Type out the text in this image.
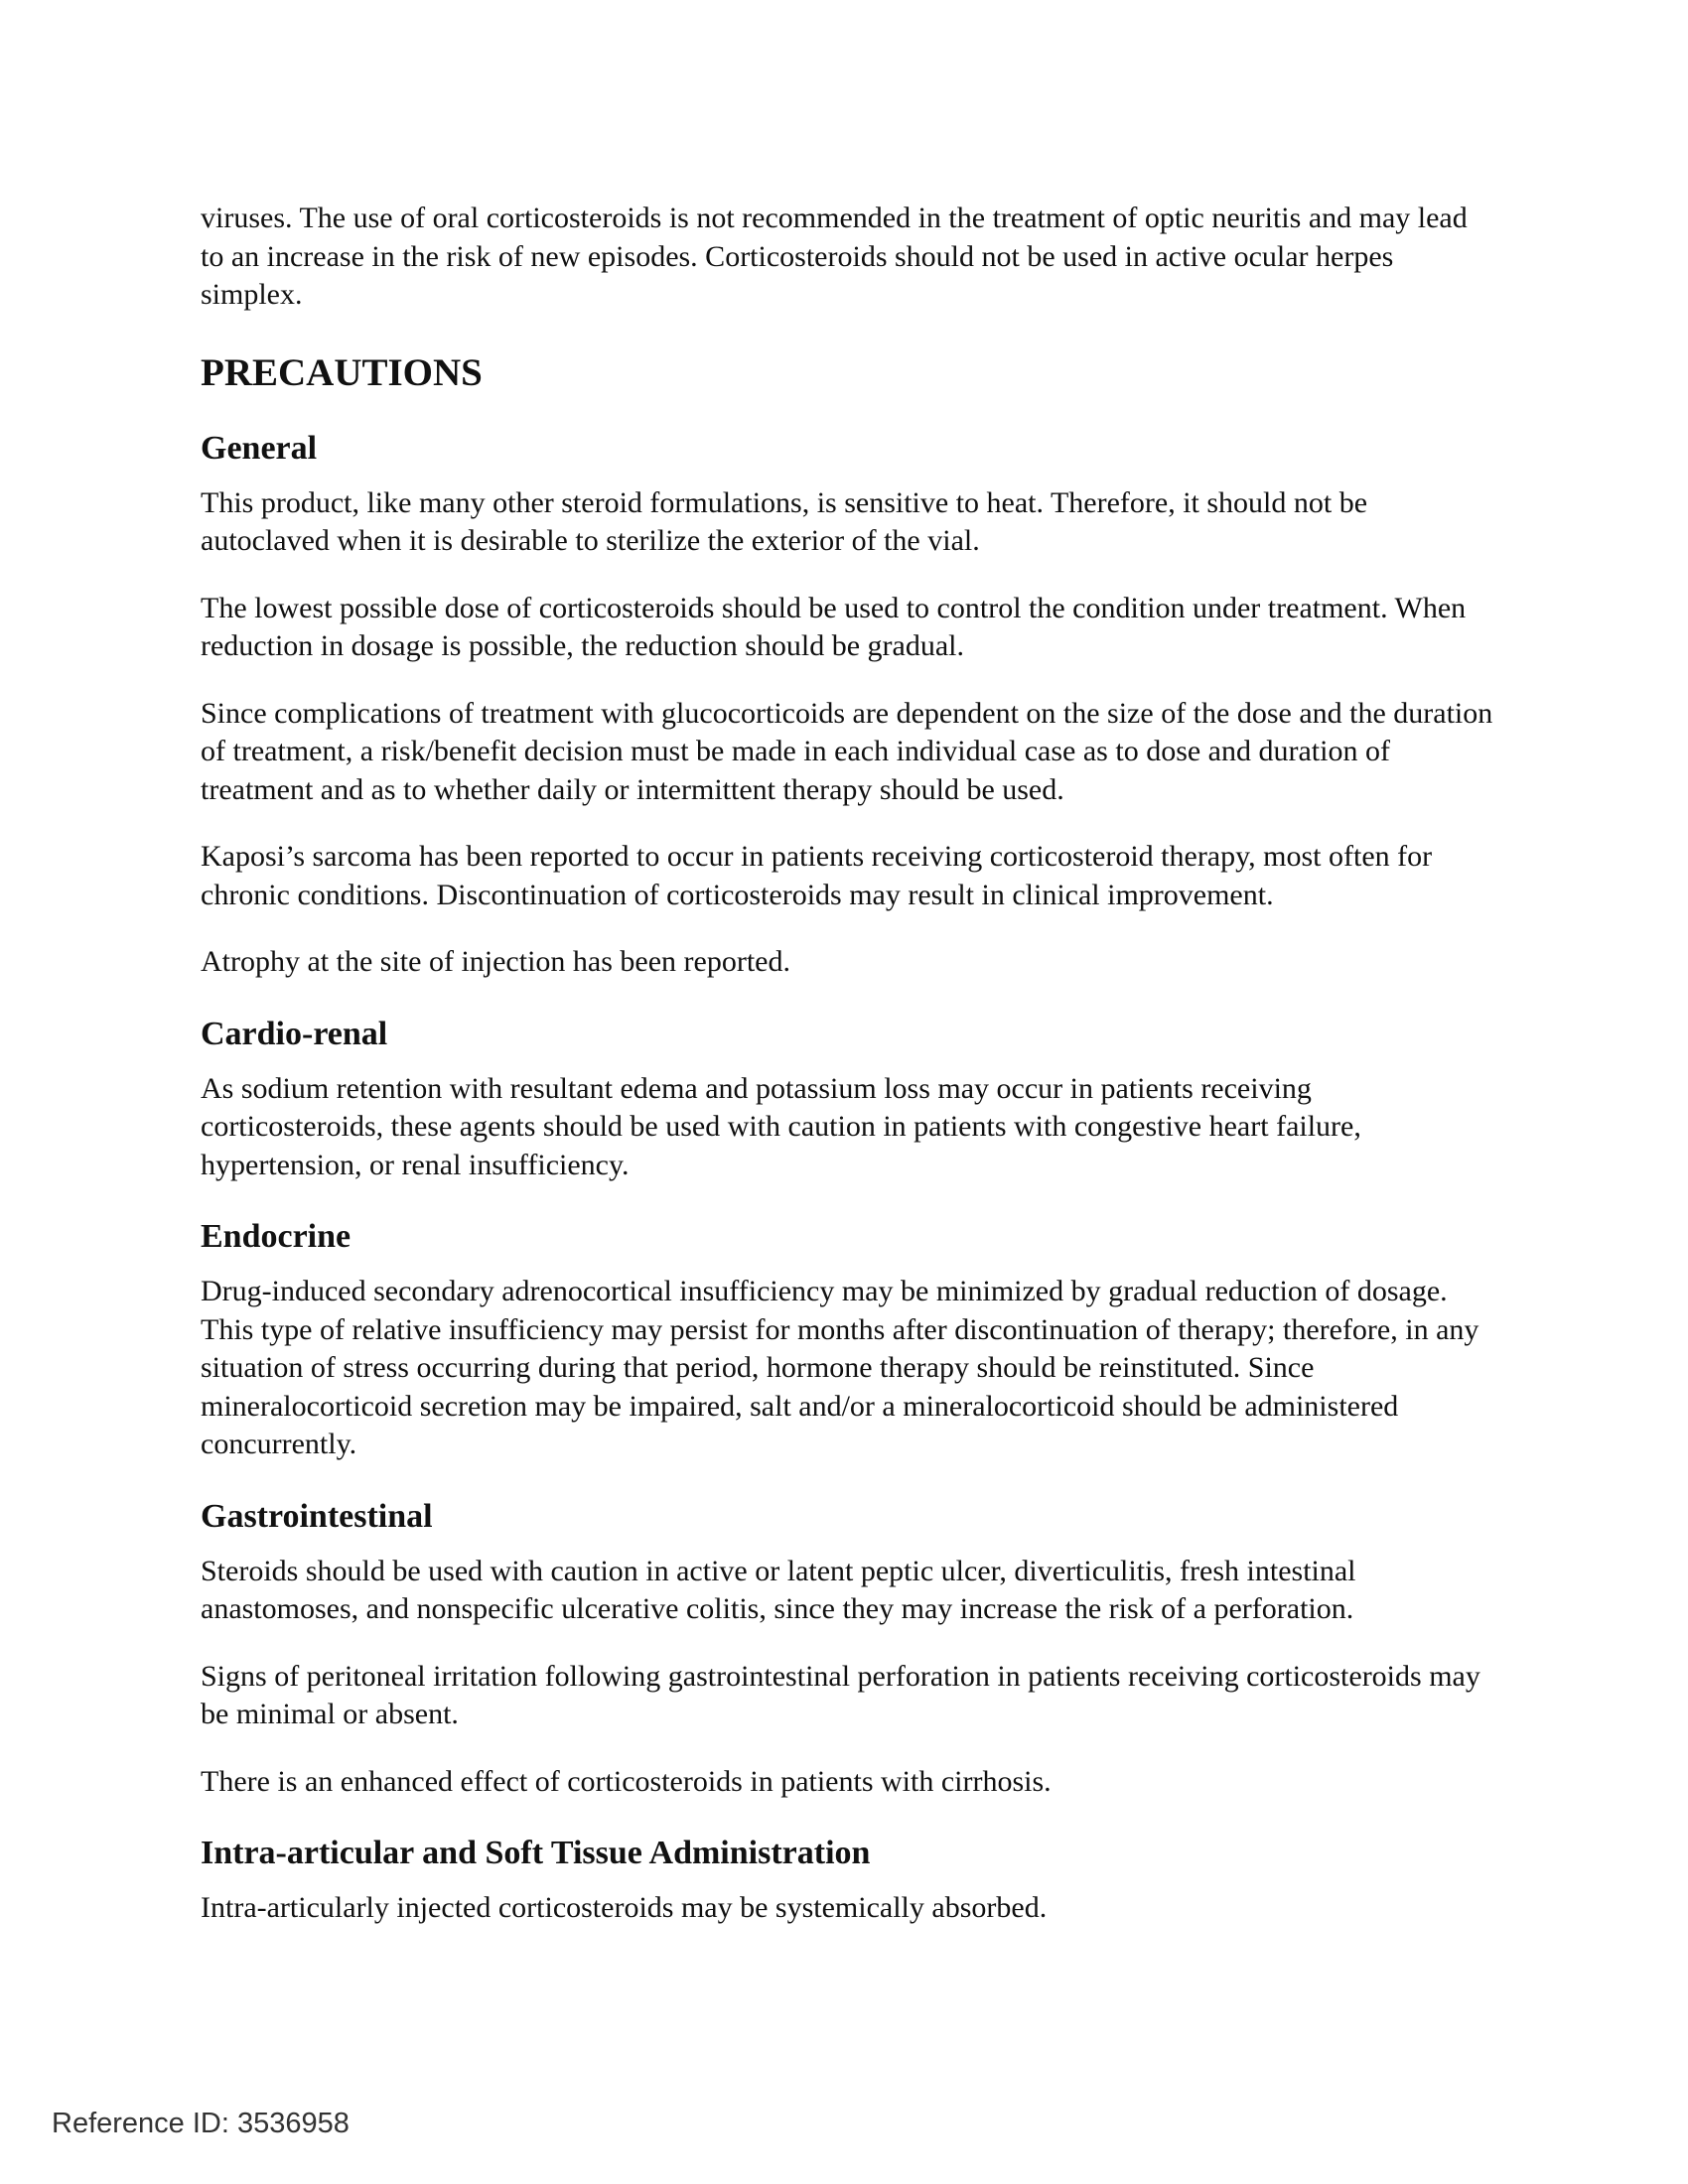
viruses. The use of oral corticosteroids is not recommended in the treatment of optic neuritis and may lead to an increase in the risk of new episodes. Corticosteroids should not be used in active ocular herpes simplex.

PRECAUTIONS
General

This product, like many other steroid formulations, is sensitive to heat. Therefore, it should not be autoclaved when it is desirable to sterilize the exterior of the vial.

The lowest possible dose of corticosteroids should be used to control the condition under treatment. When reduction in dosage is possible, the reduction should be gradual.

Since complications of treatment with glucocorticoids are dependent on the size of the dose and the duration of treatment, a risk/benefit decision must be made in each individual case as to dose and duration of treatment and as to whether daily or intermittent therapy should be used.

Kaposi’s sarcoma has been reported to occur in patients receiving corticosteroid therapy, most often for chronic conditions. Discontinuation of corticosteroids may result in clinical improvement.

Atrophy at the site of injection has been reported.

Cardio-renal

As sodium retention with resultant edema and potassium loss may occur in patients receiving corticosteroids, these agents should be used with caution in patients with congestive heart failure, hypertension, or renal insufficiency.

Endocrine

Drug-induced secondary adrenocortical insufficiency may be minimized by gradual reduction of dosage. This type of relative insufficiency may persist for months after discontinuation of therapy; therefore, in any situation of stress occurring during that period, hormone therapy should be reinstituted. Since mineralocorticoid secretion may be impaired, salt and/or a mineralocorticoid should be administered concurrently.

Gastrointestinal

Steroids should be used with caution in active or latent peptic ulcer, diverticulitis, fresh intestinal anastomoses, and nonspecific ulcerative colitis, since they may increase the risk of a perforation.

Signs of peritoneal irritation following gastrointestinal perforation in patients receiving corticosteroids may be minimal or absent.

There is an enhanced effect of corticosteroids in patients with cirrhosis.

Intra-articular and Soft Tissue Administration

Intra-articularly injected corticosteroids may be systemically absorbed.

Reference ID: 3536958
